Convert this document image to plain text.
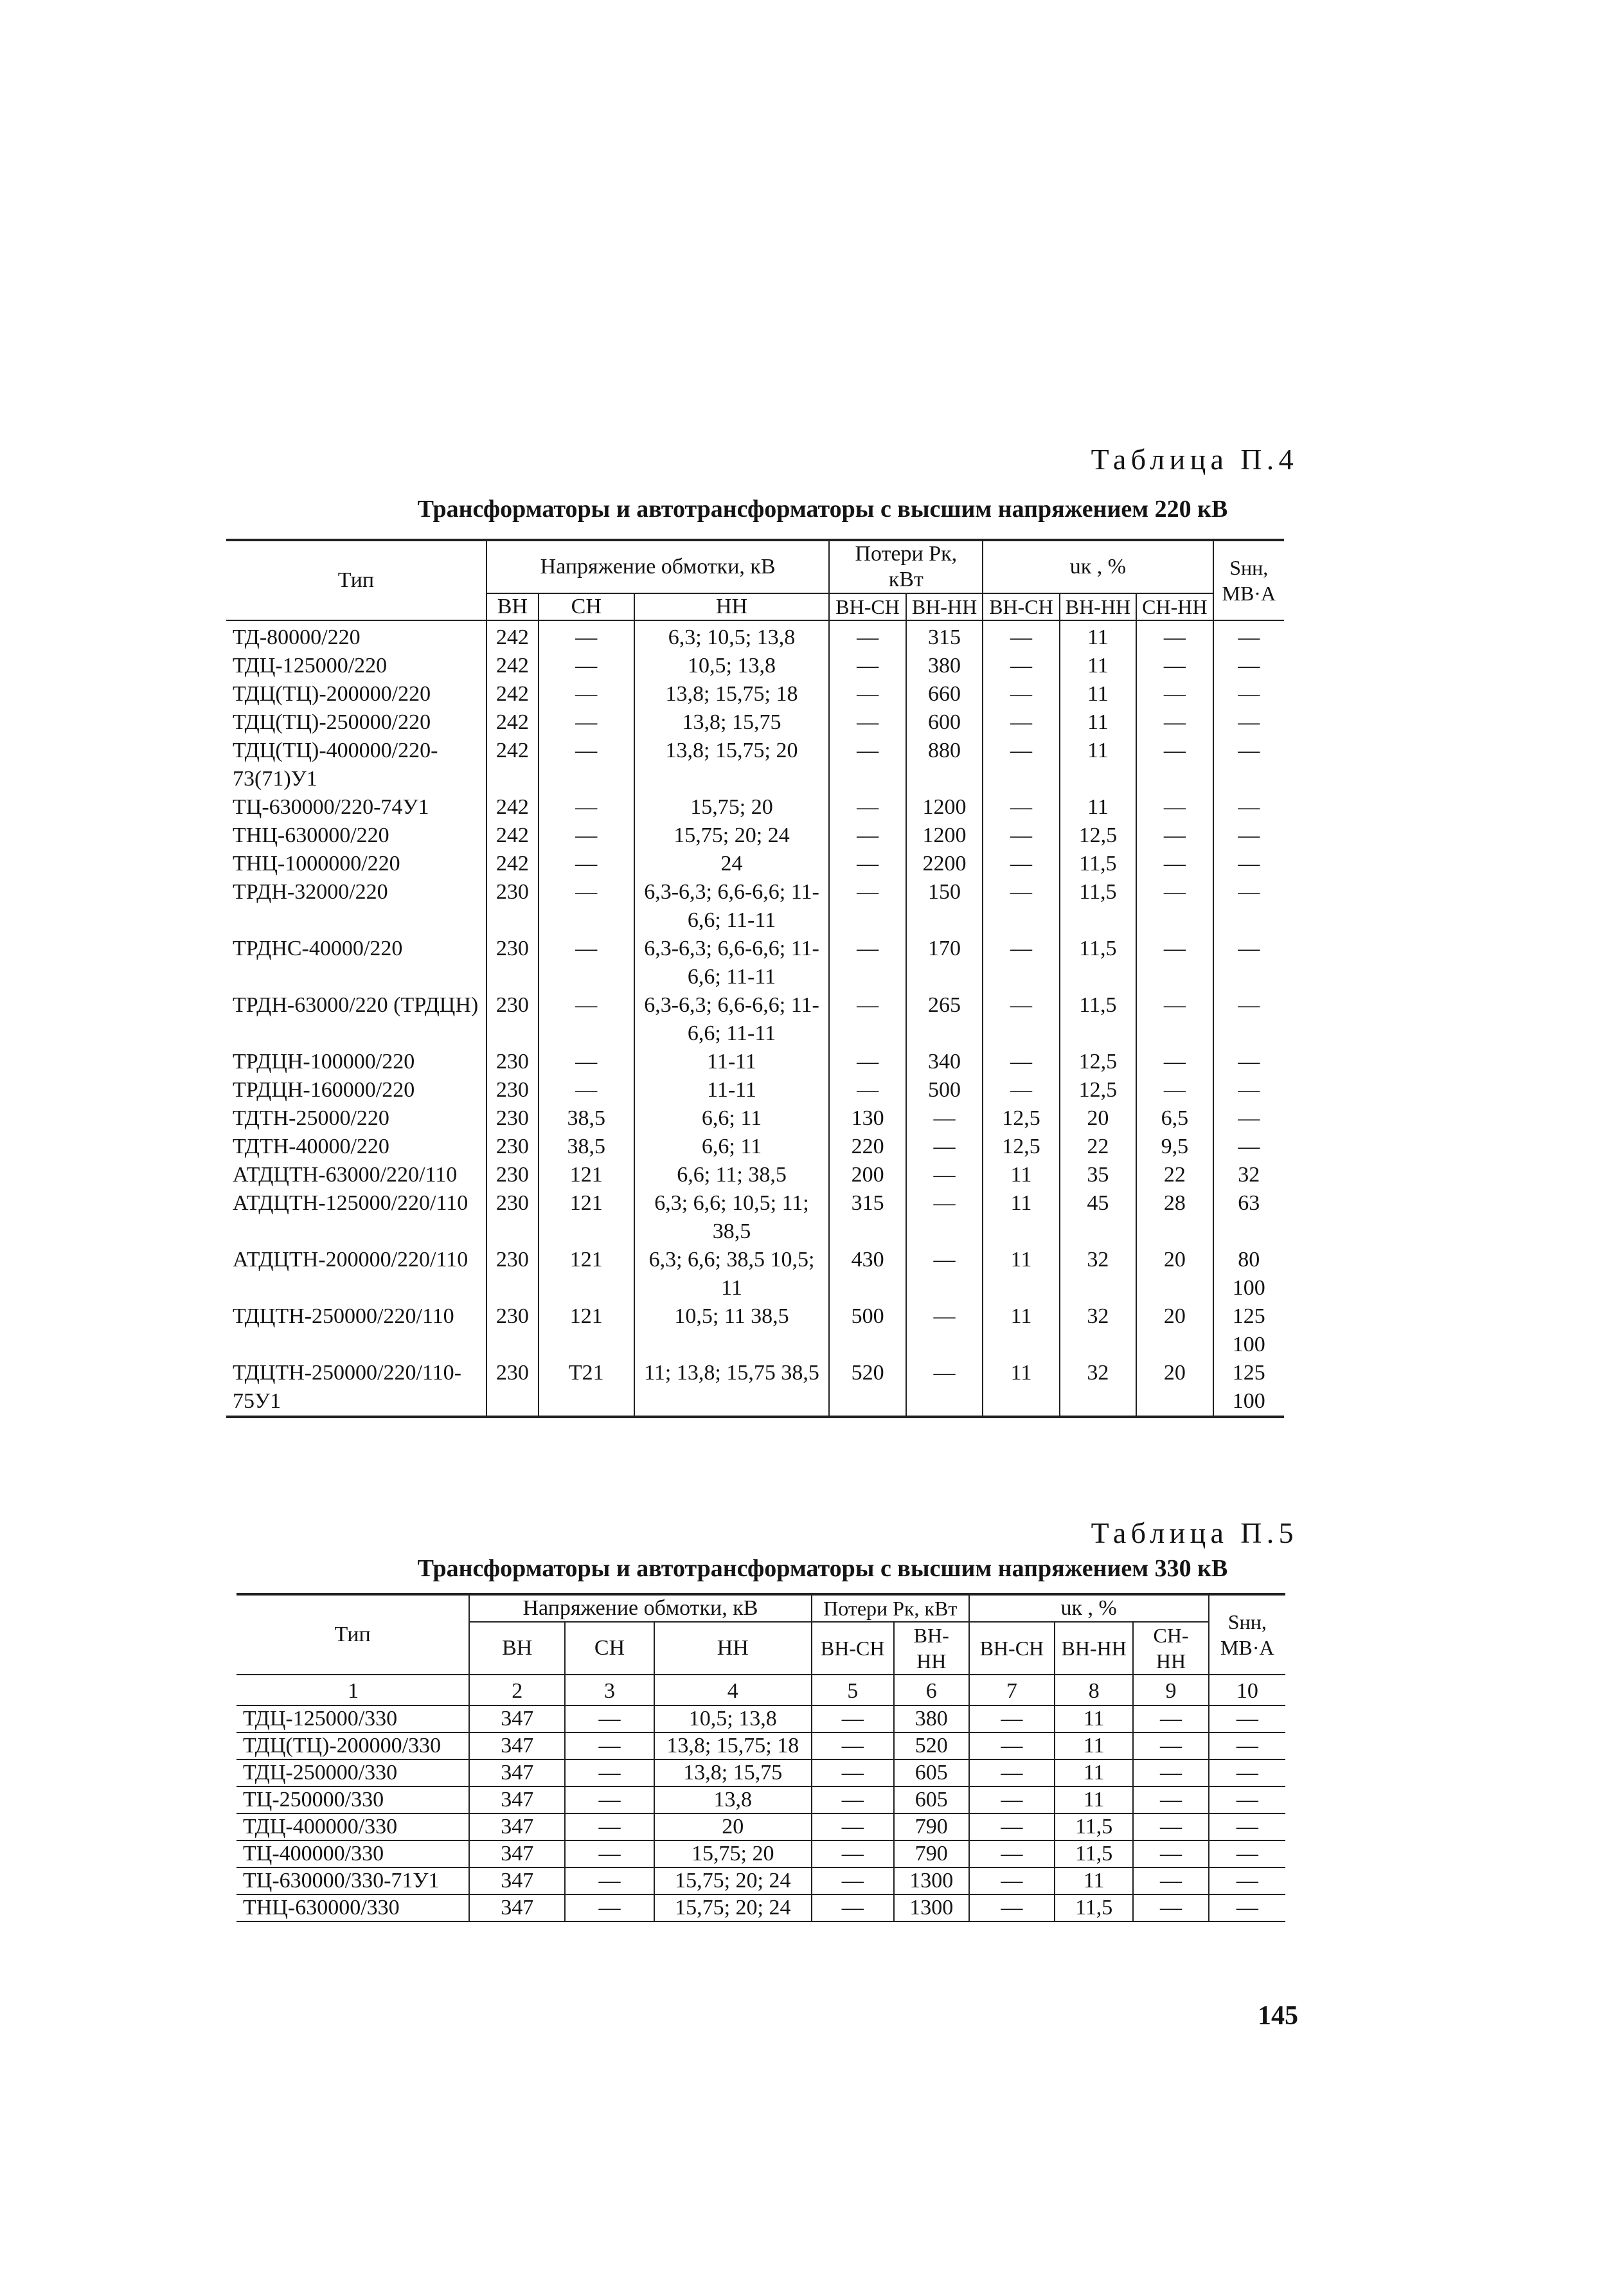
Таблица П.4
Трансформаторы и автотрансформаторы с высшим напряжением 220 кВ
Тип	Напряжение обмотки, кВ			Потери Pк, кВт		uк , %			Sнн, МВ·А
	ВН	СН	НН	ВН-СН	ВН-НН	ВН-СН	ВН-НН	СН-НН	
ТД-80000/220	242	—	6,3; 10,5; 13,8	—	315	—	11	—	—
ТДЦ-125000/220	242	—	10,5; 13,8	—	380	—	11	—	—
ТДЦ(ТЦ)-200000/220	242	—	13,8; 15,75; 18	—	660	—	11	—	—
ТДЦ(ТЦ)-250000/220	242	—	13,8; 15,75	—	600	—	11	—	—
ТДЦ(ТЦ)-400000/220-73(71)У1	242	—	13,8; 15,75; 20	—	880	—	11	—	—
ТЦ-630000/220-74У1	242	—	15,75; 20	—	1200	—	11	—	—
ТНЦ-630000/220	242	—	15,75; 20; 24	—	1200	—	12,5	—	—
ТНЦ-1000000/220	242	—	24	—	2200	—	11,5	—	—
ТРДН-32000/220	230	—	6,3-6,3; 6,6-6,6; 11-6,6; 11-11	—	150	—	11,5	—	—
ТРДНС-40000/220	230	—	6,3-6,3; 6,6-6,6; 11-6,6; 11-11	—	170	—	11,5	—	—
ТРДН-63000/220 (ТРДЦН)	230	—	6,3-6,3; 6,6-6,6; 11-6,6; 11-11	—	265	—	11,5	—	—
ТРДЦН-100000/220	230	—	11-11	—	340	—	12,5	—	—
ТРДЦН-160000/220	230	—	11-11	—	500	—	12,5	—	—
ТДТН-25000/220	230	38,5	6,6; 11	130	—	12,5	20	6,5	—
ТДТН-40000/220	230	38,5	6,6; 11	220	—	12,5	22	9,5	—
АТДЦТН-63000/220/110	230	121	6,6; 11; 38,5	200	—	11	35	22	32
АТДЦТН-125000/220/110	230	121	6,3; 6,6; 10,5; 11; 38,5	315	—	11	45	28	63
АТДЦТН-200000/220/110	230	121	6,3; 6,6; 38,5 10,5; 11	430	—	11	32	20	80 100
ТДЦТН-250000/220/110	230	121	10,5; 11 38,5	500	—	11	32	20	125 100
ТДЦТН-250000/220/110-75У1	230	Т21	11; 13,8; 15,75 38,5	520	—	11	32	20	125 100
Таблица П.5
Трансформаторы и автотрансформаторы с высшим напряжением 330 кВ
Тип	Напряжение обмотки, кВ			Потери Pк, кВт		uк , %			Sнн, МВ·А
	ВН	СН	НН	ВН-СН	ВН-НН	ВН-СН	ВН-НН	СН-НН	
1	2	3	4	5	6	7	8	9	10
ТДЦ-125000/330	347	—	10,5; 13,8	—	380	—	11	—	—
ТДЦ(ТЦ)-200000/330	347	—	13,8; 15,75; 18	—	520	—	11	—	—
ТДЦ-250000/330	347	—	13,8; 15,75	—	605	—	11	—	—
ТЦ-250000/330	347	—	13,8	—	605	—	11	—	—
ТДЦ-400000/330	347	—	20	—	790	—	11,5	—	—
ТЦ-400000/330	347	—	15,75; 20	—	790	—	11,5	—	—
ТЦ-630000/330-71У1	347	—	15,75; 20; 24	—	1300	—	11	—	—
ТНЦ-630000/330	347	—	15,75; 20; 24	—	1300	—	11,5	—	—
145
